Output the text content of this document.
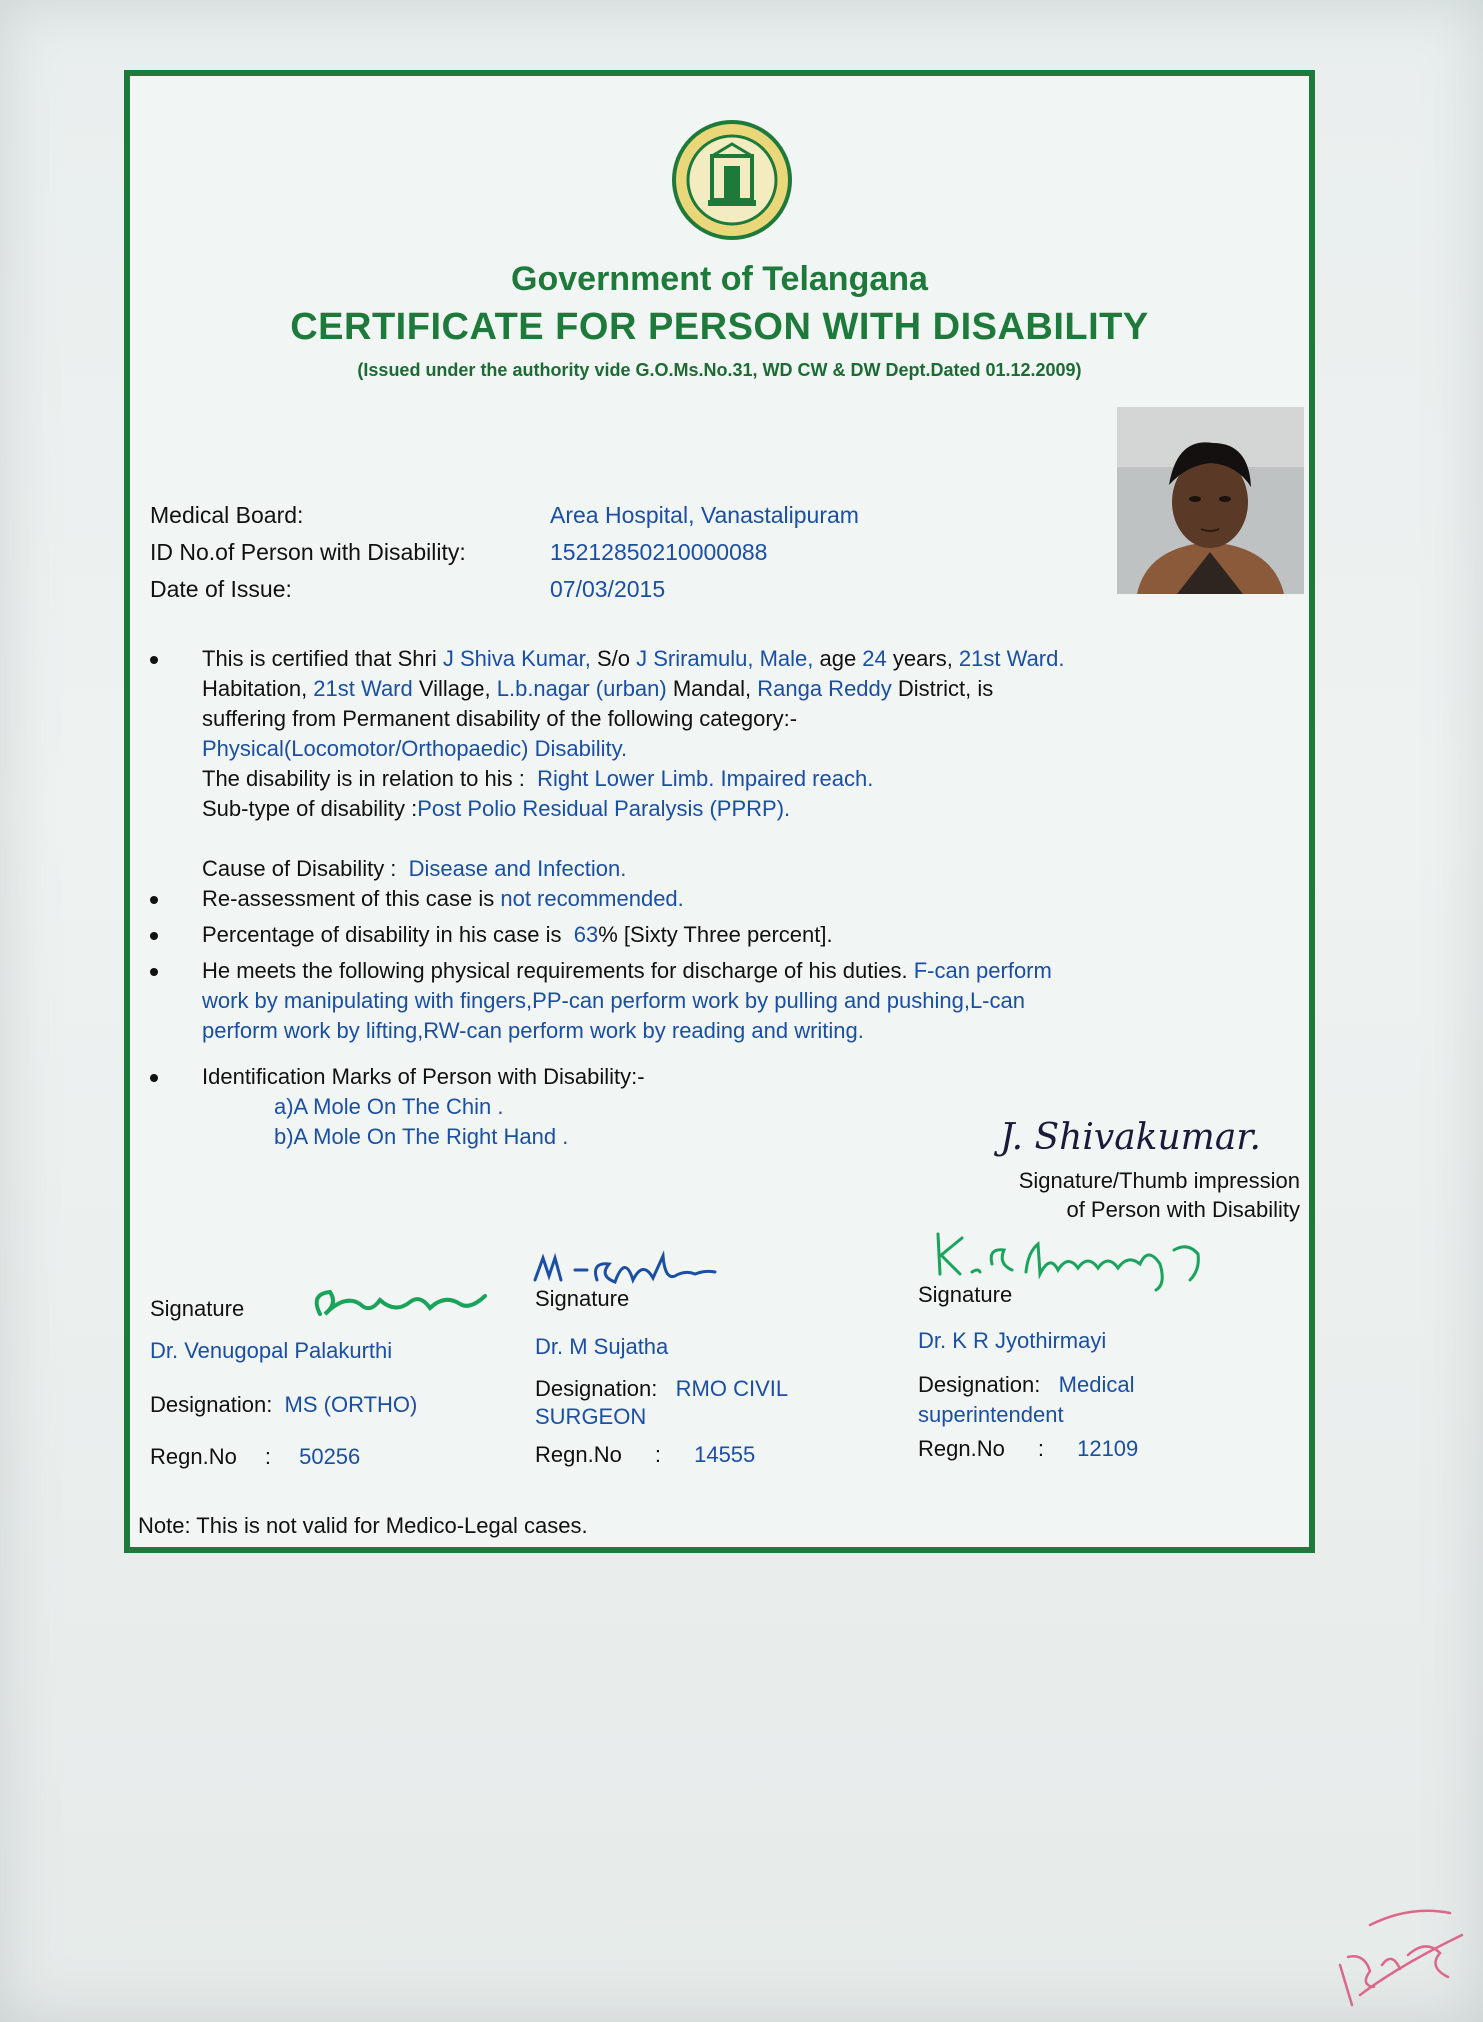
Government of Telangana
CERTIFICATE FOR PERSON WITH DISABILITY
(Issued under the authority vide G.O.Ms.No.31, WD CW & DW Dept.Dated 01.12.2009)
Medical Board:	Area Hospital, Vanastalipuram
ID No.of Person with Disability:	15212850210000088
Date of Issue:	07/03/2015
This is certified that Shri J Shiva Kumar, S/o J Sriramulu, Male, age 24 years, 21st Ward.
Habitation, 21st Ward Village, L.b.nagar (urban) Mandal, Ranga Reddy District, is
suffering from Permanent disability of the following category:-
Physical(Locomotor/Orthopaedic) Disability.
The disability is in relation to his : Right Lower Limb. Impaired reach.
Sub-type of disability :Post Polio Residual Paralysis (PPRP).
Cause of Disability : Disease and Infection.
Re-assessment of this case is not recommended.
Percentage of disability in his case is  63% [Sixty Three percent].
He meets the following physical requirements for discharge of his duties. F-can perform
work by manipulating with fingers,PP-can perform work by pulling and pushing,L-can
perform work by lifting,RW-can perform work by reading and writing.
Identification Marks of Person with Disability:-
a)A Mole On The Chin .
b)A Mole On The Right Hand .	J. Shivakumar.
Signature/Thumb impression
of Person with Disability
Signature
Dr. Venugopal Palakurthi
Designation: MS (ORTHO)
Regn.No : 50256
Signature
Dr. M Sujatha
Designation: RMO CIVIL
SURGEON
Regn.No : 14555
Signature
Dr. K R Jyothirmayi
Designation: Medical
superintendent
Regn.No : 12109
Note: This is not valid for Medico-Legal cases.
